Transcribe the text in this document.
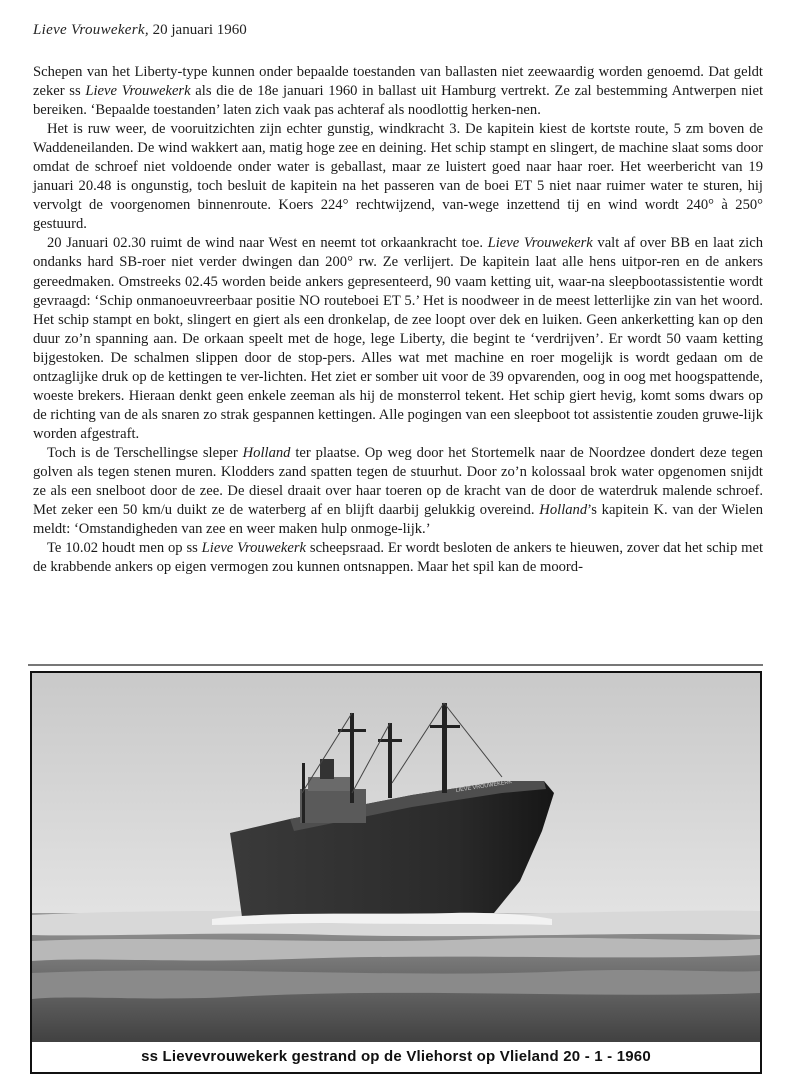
Lieve Vrouwekerk, 20 januari 1960

Schepen van het Liberty-type kunnen onder bepaalde toestanden van ballasten niet zeewaardig worden genoemd. Dat geldt zeker ss Lieve Vrouwekerk als die de 18e januari 1960 in ballast uit Hamburg vertrekt. Ze zal bestemming Antwerpen niet bereiken. ‘Bepaalde toestanden’ laten zich vaak pas achteraf als noodlottig herken-nen.

Het is ruw weer, de vooruitzichten zijn echter gunstig, windkracht 3. De kapitein kiest de kortste route, 5 zm boven de Waddeneilanden. De wind wakkert aan, matig hoge zee en deining. Het schip stampt en slingert, de machine slaat soms door omdat de schroef niet voldoende onder water is geballast, maar ze luistert goed naar haar roer. Het weerbericht van 19 januari 20.48 is ongunstig, toch besluit de kapitein na het passeren van de boei ET 5 niet naar ruimer water te sturen, hij vervolgt de voorgenomen binnenroute. Koers 224° rechtwijzend, van-wege inzettend tij en wind wordt 240° à 250° gestuurd.

20 Januari 02.30 ruimt de wind naar West en neemt tot orkaankracht toe. Lieve Vrouwekerk valt af over BB en laat zich ondanks hard SB-roer niet verder dwingen dan 200° rw. Ze verlijert. De kapitein laat alle hens uitpor-ren en de ankers gereedmaken. Omstreeks 02.45 worden beide ankers gepresenteerd, 90 vaam ketting uit, waar-na sleepbootassistentie wordt gevraagd: ‘Schip onmanoeuvreerbaar positie NO routeboei ET 5.’ Het is noodweer in de meest letterlijke zin van het woord. Het schip stampt en bokt, slingert en giert als een dronkelap, de zee loopt over dek en luiken. Geen ankerketting kan op den duur zo’n spanning aan. De orkaan speelt met de hoge, lege Liberty, die begint te ‘verdrijven’. Er wordt 50 vaam ketting bijgestoken. De schalmen slippen door de stop-pers. Alles wat met machine en roer mogelijk is wordt gedaan om de ontzaglijke druk op de kettingen te ver-lichten. Het ziet er somber uit voor de 39 opvarenden, oog in oog met hoogspattende, woeste brekers. Hieraan denkt geen enkele zeeman als hij de monsterrol tekent. Het schip giert hevig, komt soms dwars op de richting van de als snaren zo strak gespannen kettingen. Alle pogingen van een sleepboot tot assistentie zouden gruwe-lijk worden afgestraft.

Toch is de Terschellingse sleper Holland ter plaatse. Op weg door het Stortemelk naar de Noordzee dondert deze tegen golven als tegen stenen muren. Klodders zand spatten tegen de stuurhut. Door zo’n kolossaal brok water opgenomen snijdt ze als een snelboot door de zee. De diesel draait over haar toeren op de kracht van de door de waterdruk malende schroef. Met zeker een 50 km/u duikt ze de waterberg af en blijft daarbij gelukkig overeind. Holland’s kapitein K. van der Wielen meldt: ‘Omstandigheden van zee en weer maken hulp onmoge-lijk.’

Te 10.02 houdt men op ss Lieve Vrouwekerk scheepsraad. Er wordt besloten de ankers te hieuwen, zover dat het schip met de krabbende ankers op eigen vermogen zou kunnen ontsnappen. Maar het spil kan de moord-

LIEVE VROUWEKERK
ss Lievevrouwekerk gestrand op de Vliehorst op Vlieland 20 - 1 - 1960
